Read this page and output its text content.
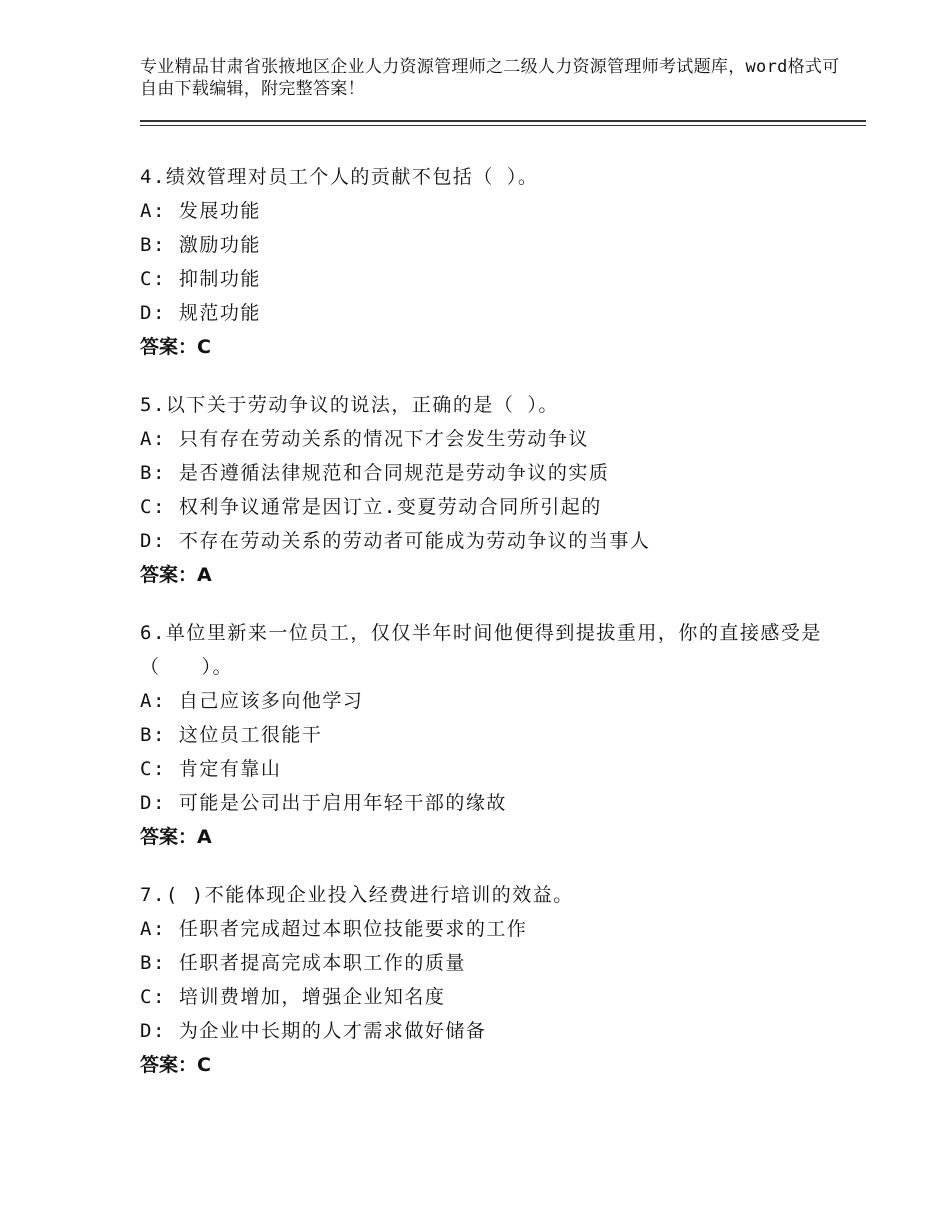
专业精品甘肃省张掖地区企业人力资源管理师之二级人力资源管理师考试题库，word格式可自由下载编辑，附完整答案！
4.绩效管理对员工个人的贡献不包括（ ）。
A: 发展功能
B: 激励功能
C: 抑制功能
D: 规范功能
答案：C
5.以下关于劳动争议的说法，正确的是（ ）。
A: 只有存在劳动关系的情况下才会发生劳动争议
B: 是否遵循法律规范和合同规范是劳动争议的实质
C: 权利争议通常是因订立.变夏劳动合同所引起的
D: 不存在劳动关系的劳动者可能成为劳动争议的当事人
答案：A
6.单位里新来一位员工，仅仅半年时间他便得到提拔重用，你的直接感受是（　　）。
A: 自己应该多向他学习
B: 这位员工很能干
C: 肯定有靠山
D: 可能是公司出于启用年轻干部的缘故
答案：A
7.( )不能体现企业投入经费进行培训的效益。
A: 任职者完成超过本职位技能要求的工作
B: 任职者提高完成本职工作的质量
C: 培训费增加，增强企业知名度
D: 为企业中长期的人才需求做好储备
答案：C
